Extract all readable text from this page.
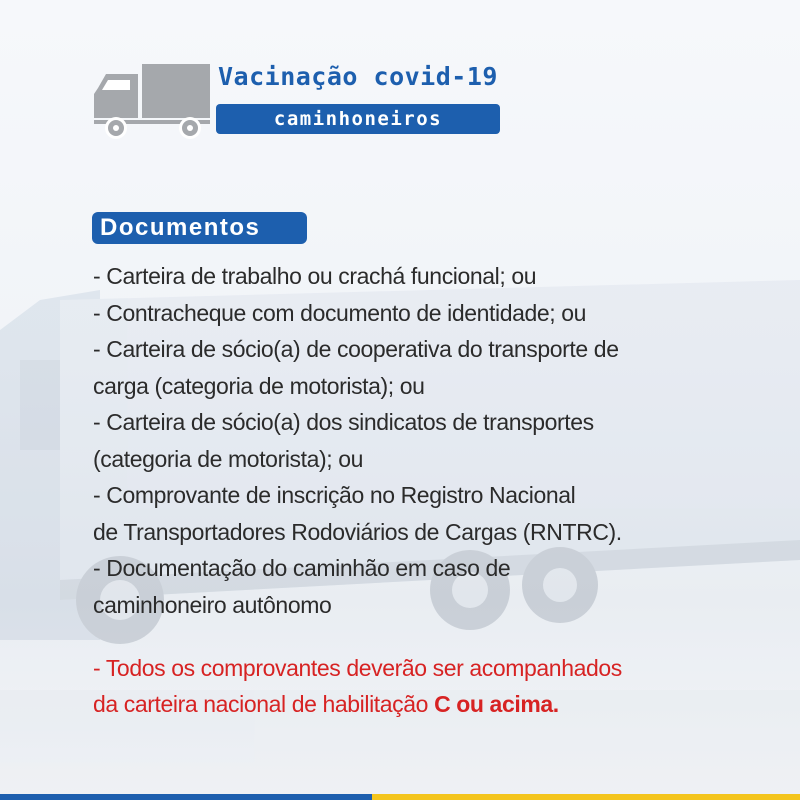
Vacinação covid-19
caminhoneiros
Documentos
- Carteira de trabalho ou crachá funcional; ou
- Contracheque com documento de identidade; ou
- Carteira de sócio(a) de cooperativa do transporte de
carga (categoria de motorista); ou
- Carteira de sócio(a) dos sindicatos de transportes
(categoria de motorista); ou
- Comprovante de inscrição no Registro Nacional
de Transportadores Rodoviários de Cargas (RNTRC).
- Documentação do caminhão em caso de
caminhoneiro autônomo
- Todos os comprovantes deverão ser acompanhados
da carteira nacional de habilitação C ou acima.
